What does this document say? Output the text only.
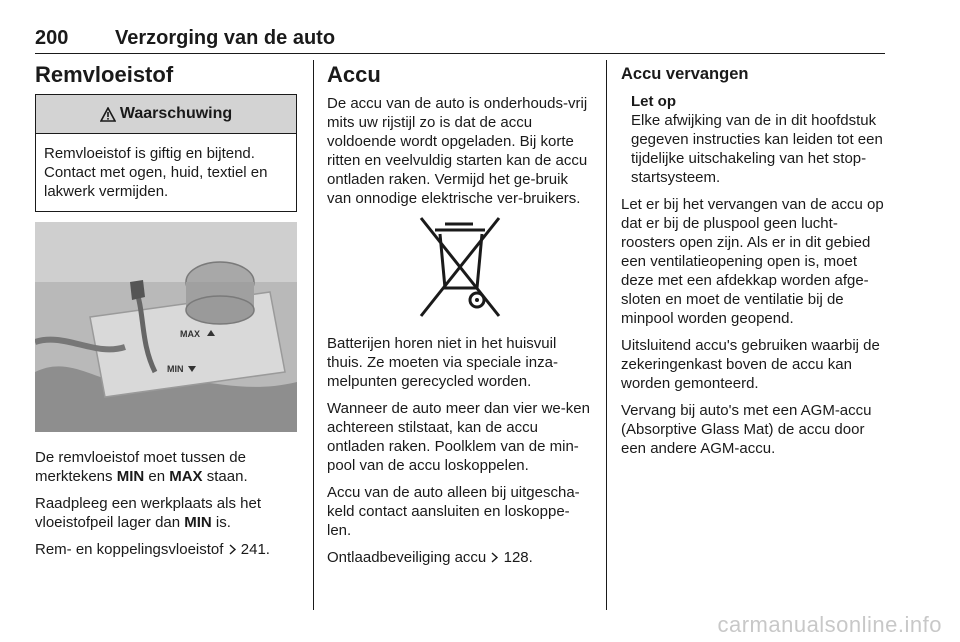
200 Verzorging van de auto
Remvloeistof
Waarschuwing

Remvloeistof is giftig en bijtend. Contact met ogen, huid, textiel en lakwerk vermijden.

MAX
MIN

De remvloeistof moet tussen de merktekens MIN en MAX staan.

Raadpleeg een werkplaats als het vloeistofpeil lager dan MIN is.

Rem- en koppelingsvloeistof  241.

Accu

De accu van de auto is onderhouds-vrij mits uw rijstijl zo is dat de accu voldoende wordt opgeladen. Bij korte ritten en veelvuldig starten kan de accu ontladen raken. Vermijd het ge-bruik van onnodige elektrische ver-bruikers.

Batterijen horen niet in het huisvuil thuis. Ze moeten via speciale inza-melpunten gerecycled worden.

Wanneer de auto meer dan vier we-ken achtereen stilstaat, kan de accu ontladen raken. Poolklem van de min-pool van de accu loskoppelen.

Accu van de auto alleen bij uitgescha-keld contact aansluiten en loskoppe-len.

Ontlaadbeveiliging accu  128.

Accu vervangen
Let op

Elke afwijking van de in dit hoofdstuk gegeven instructies kan leiden tot een tijdelijke uitschakeling van het stop- startsysteem.

Let er bij het vervangen van de accu op dat er bij de pluspool geen lucht-roosters open zijn. Als er in dit gebied een ventilatieopening open is, moet deze met een afdekkap worden afge-sloten en moet de ventilatie bij de minpool worden geopend.

Uitsluitend accu's gebruiken waarbij de zekeringenkast boven de accu kan worden gemonteerd.

Vervang bij auto's met een AGM-accu (Absorptive Glass Mat) de accu door een andere AGM-accu.

carmanualsonline.info
